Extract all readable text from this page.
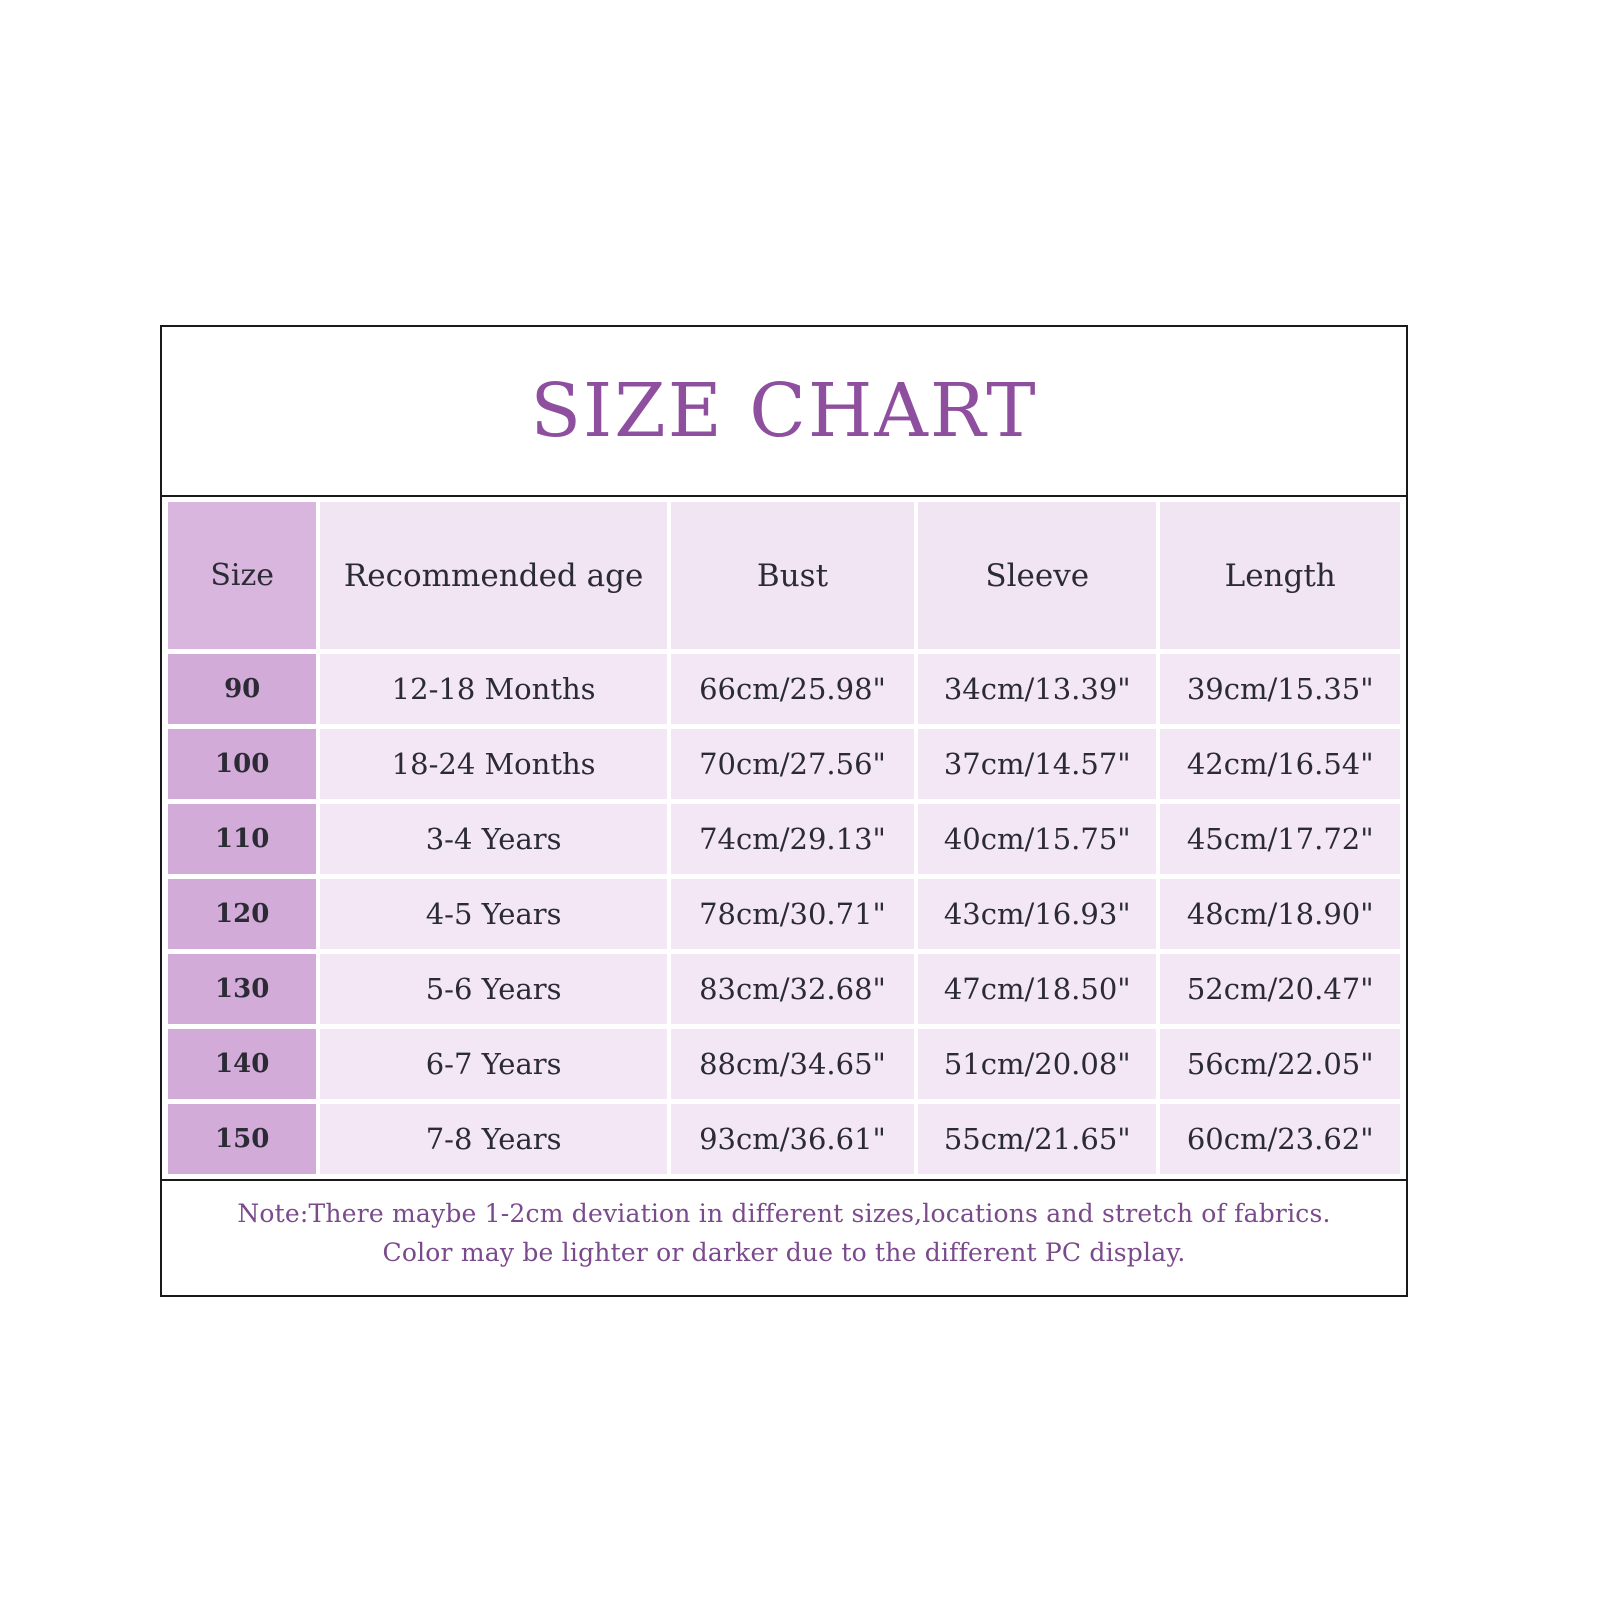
SIZE CHART
Size	Recommended age	Bust	Sleeve	Length
90	12-18 Months	66cm/25.98"	34cm/13.39"	39cm/15.35"
100	18-24 Months	70cm/27.56"	37cm/14.57"	42cm/16.54"
110	3-4 Years	74cm/29.13"	40cm/15.75"	45cm/17.72"
120	4-5 Years	78cm/30.71"	43cm/16.93"	48cm/18.90"
130	5-6 Years	83cm/32.68"	47cm/18.50"	52cm/20.47"
140	6-7 Years	88cm/34.65"	51cm/20.08"	56cm/22.05"
150	7-8 Years	93cm/36.61"	55cm/21.65"	60cm/23.62"
Note:There maybe 1-2cm deviation in different sizes,locations and stretch of fabrics.
Color may be lighter or darker due to the different PC display.
